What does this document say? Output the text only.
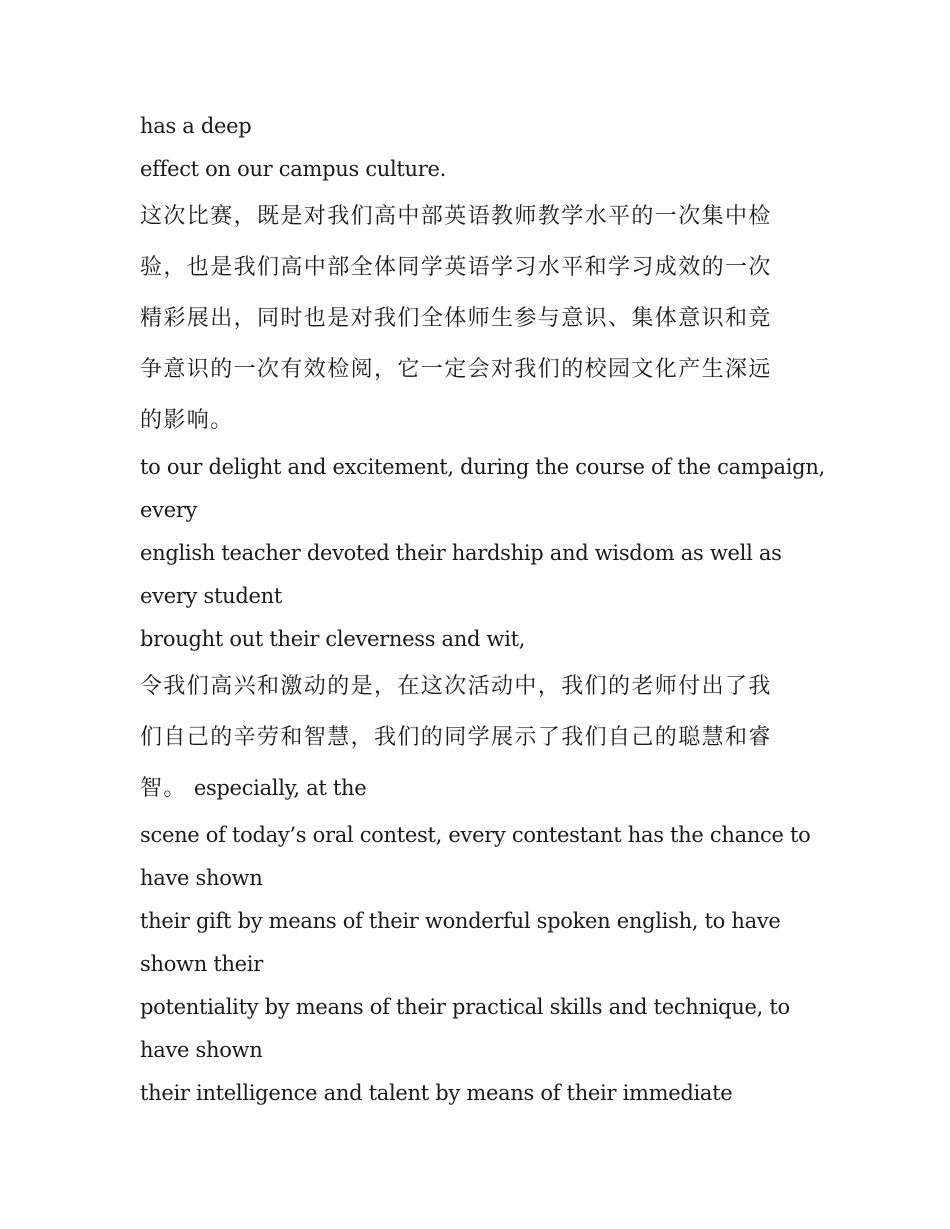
has a deep
effect on our campus culture.
这次比赛，既是对我们高中部英语教师教学水平的一次集中检
验，也是我们高中部全体同学英语学习水平和学习成效的一次
精彩展出，同时也是对我们全体师生参与意识、集体意识和竞
争意识的一次有效检阅，它一定会对我们的校园文化产生深远
的影响。
to our delight and excitement, during the course of the campaign,
every
english teacher devoted their hardship and wisdom as well as
every student
brought out their cleverness and wit,
令我们高兴和激动的是，在这次活动中，我们的老师付出了我
们自己的辛劳和智慧，我们的同学展示了我们自己的聪慧和睿
智。 especially, at the
scene of today’s oral contest, every contestant has the chance to
have shown
their gift by means of their wonderful spoken english, to have
shown their
potentiality by means of their practical skills and technique, to
have shown
their intelligence and talent by means of their immediate
